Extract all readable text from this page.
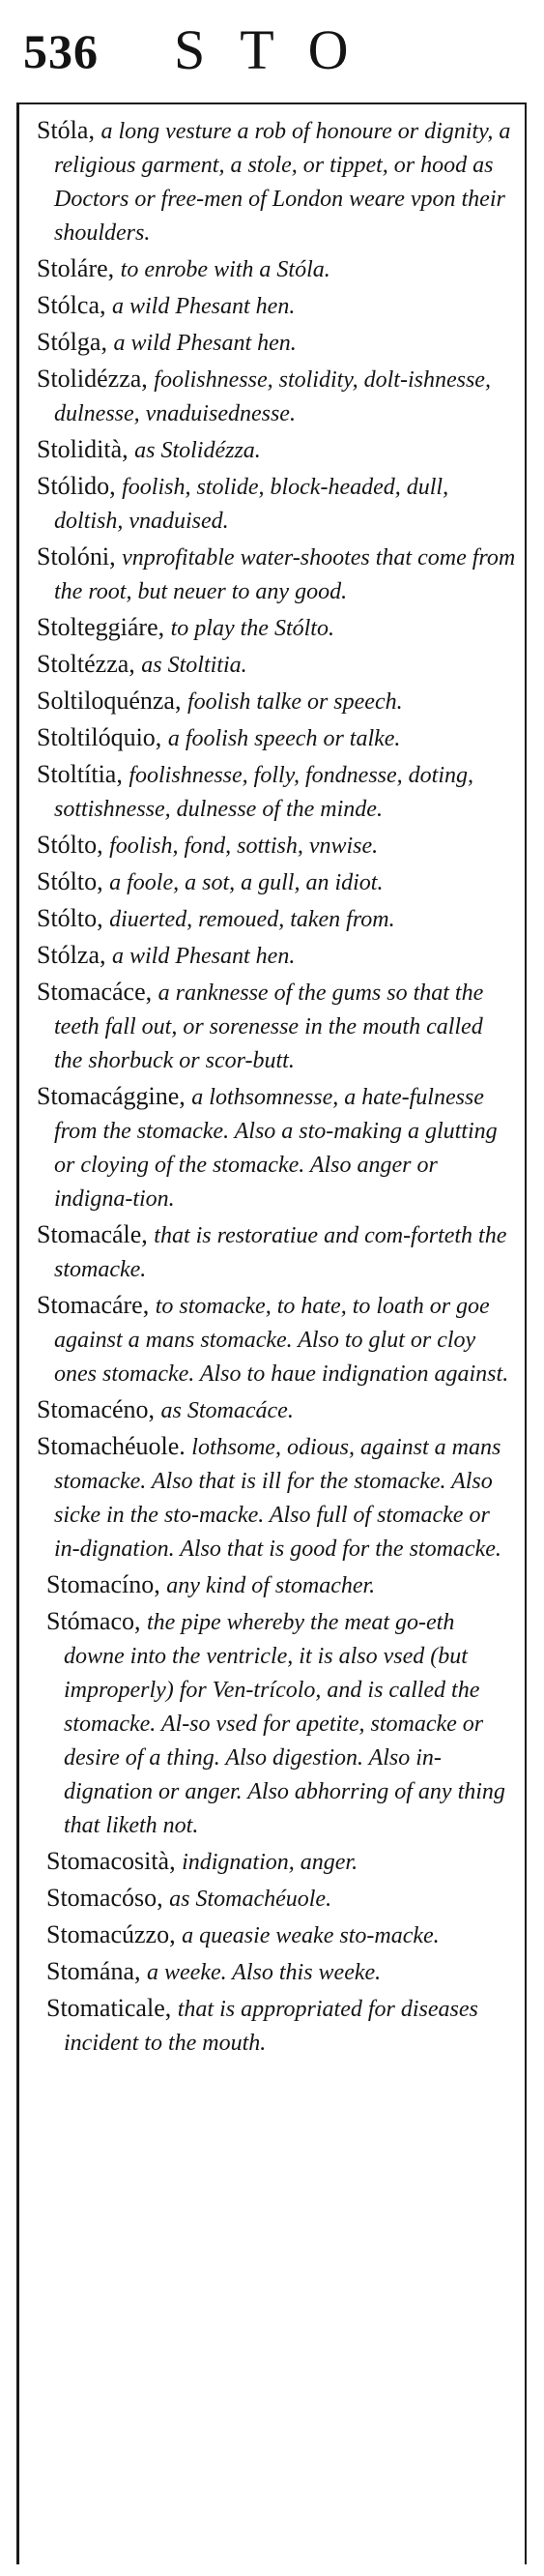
536 STO

Stóla, a long vesture a rob of honoure or dignity, a religious garment, a stole, or tippet, or hood as Doctors or free-men of London weare vpon their shoulders.

Stoláre, to enrobe with a Stóla.

Stólca, a wild Phesant hen.

Stólga, a wild Phesant hen.

Stolidézza, foolishnesse, stolidity, dolt-ishnesse, dulnesse, vnaduisednesse.

Stolidità, as Stolidézza.

Stólido, foolish, stolide, block-headed, dull, doltish, vnaduised.

Stolóni, vnprofitable water-shootes that come from the root, but neuer to any good.

Stolteggiáre, to play the Stólto.

Stoltézza, as Stoltitia.

Soltiloquénza, foolish talke or speech.

Stoltilóquio, a foolish speech or talke.

Stoltítia, foolishnesse, folly, fondnesse, doting, sottishnesse, dulnesse of the minde.

Stólto, foolish, fond, sottish, vnwise.

Stólto, a foole, a sot, a gull, an idiot.

Stólto, diuerted, remoued, taken from.

Stólza, a wild Phesant hen.

Stomacáce, a ranknesse of the gums so that the teeth fall out, or sorenesse in the mouth called the shorbuck or scor-butt.

Stomacággine, a lothsomnesse, a hate-fulnesse from the stomacke. Also a sto-making a glutting or cloying of the stomacke. Also anger or indigna-tion.

Stomacále, that is restoratiue and com-forteth the stomacke.

Stomacáre, to stomacke, to hate, to loath or goe against a mans stomacke. Also to glut or cloy ones stomacke. Also to haue indignation against.

Stomacéno, as Stomacáce.

Stomachéuole. lothsome, odious, against a mans stomacke. Also that is ill for the stomacke. Also sicke in the sto-macke. Also full of stomacke or in-dignation. Also that is good for the stomacke.

Stomacíno, any kind of stomacher.

Stómaco, the pipe whereby the meat go-eth downe into the ventricle, it is also vsed (but improperly) for Ven-trícolo, and is called the stomacke. Al-so vsed for apetite, stomacke or desire of a thing. Also digestion. Also in-dignation or anger. Also abhorring of any thing that liketh not.

Stomacosità, indignation, anger.

Stomacóso, as Stomachéuole.

Stomacúzzo, a queasie weake sto-macke.

Stomána, a weeke. Also this weeke.

Stomaticale, that is appropriated for diseases incident to the mouth.
